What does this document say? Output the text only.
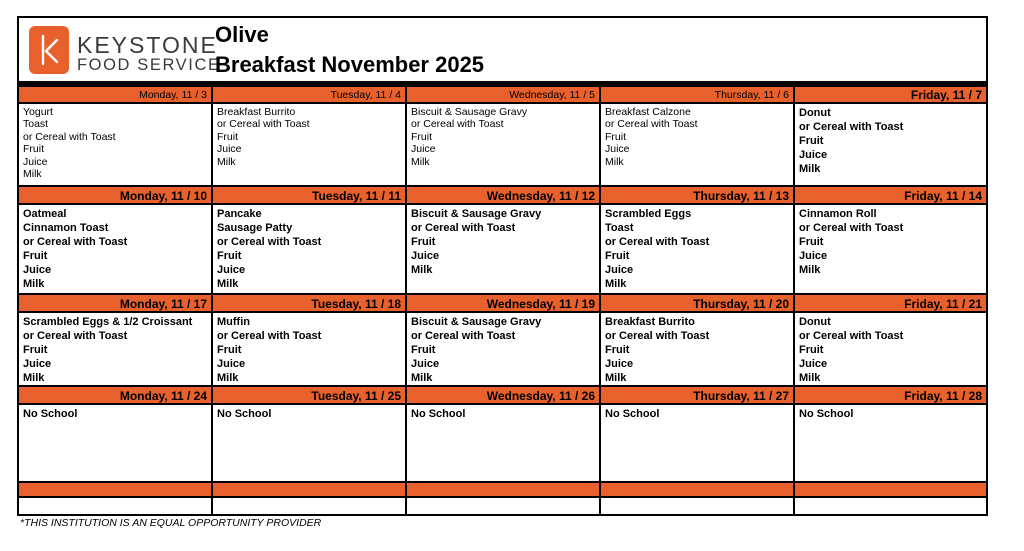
KEYSTONE
FOOD SERVICE
Olive
Breakfast November 2025
Monday, 11 / 3
Yogurt
Toast
or Cereal with Toast
Fruit
Juice
Milk
Tuesday, 11 / 4
Breakfast Burrito
or Cereal with Toast
Fruit
Juice
Milk
Wednesday, 11 / 5
Biscuit & Sausage Gravy
or Cereal with Toast
Fruit
Juice
Milk
Thursday, 11 / 6
Breakfast Calzone
or Cereal with Toast
Fruit
Juice
Milk
Friday, 11 / 7
Donut
or Cereal with Toast
Fruit
Juice
Milk
Monday, 11 / 10
Oatmeal
Cinnamon Toast
or Cereal with Toast
Fruit
Juice
Milk
Tuesday, 11 / 11
Pancake
Sausage Patty
or Cereal with Toast
Fruit
Juice
Milk
Wednesday, 11 / 12
Biscuit & Sausage Gravy
or Cereal with Toast
Fruit
Juice
Milk
Thursday, 11 / 13
Scrambled Eggs
Toast
or Cereal with Toast
Fruit
Juice
Milk
Friday, 11 / 14
Cinnamon Roll
or Cereal with Toast
Fruit
Juice
Milk
Monday, 11 / 17
Scrambled Eggs & 1/2 Croissant
or Cereal with Toast
Fruit
Juice
Milk
Tuesday, 11 / 18
Muffin
or Cereal with Toast
Fruit
Juice
Milk
Wednesday, 11 / 19
Biscuit & Sausage Gravy
or Cereal with Toast
Fruit
Juice
Milk
Thursday, 11 / 20
Breakfast Burrito
or Cereal with Toast
Fruit
Juice
Milk
Friday, 11 / 21
Donut
or Cereal with Toast
Fruit
Juice
Milk
Monday, 11 / 24
No School
Tuesday, 11 / 25
No School
Wednesday, 11 / 26
No School
Thursday, 11 / 27
No School
Friday, 11 / 28
No School
*THIS INSTITUTION IS AN EQUAL OPPORTUNITY PROVIDER
